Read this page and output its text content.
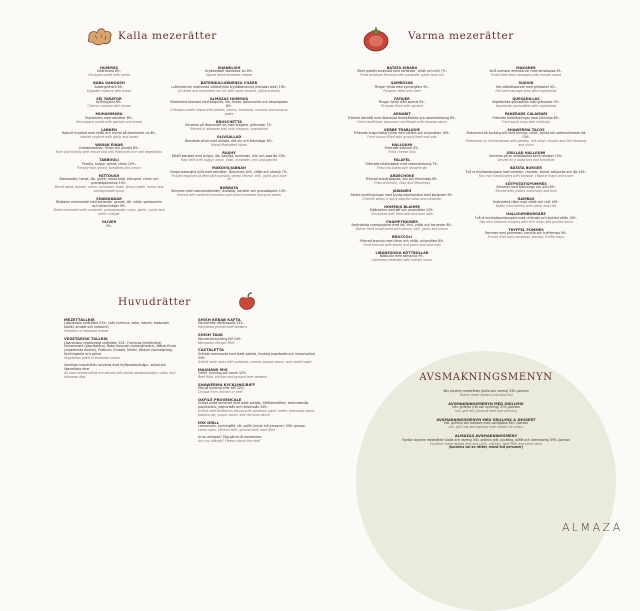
Kalla mezerätter	Varma mezerätter
Huvudrätter
HUMMUS
Kikärtsröra 89:-
Chickpea purée with bread
BABA GANOUSH
Aubergineröra 89:-
Eggplant mixture with bread
SEJ TARATOR
Kycklingröra 89:-
Chicken mixture with bread
MUHAMMARA
Paprikaröra med valnötter 89:-
Red pepper purée with walnuts and bread
LABNEH
Yoghurt krydded med vitlök och mynta på libanesiskt vis 89:-
Labneh yoghurt with garlic and bread
WARAK EINAB
Vinbladsdolmar, citron och olivolja 89:-
Rice and tomato with lemon and chili filled with rice and vegetables
TABBOULI
Persilja, bulgur, tomat, citron 109:-
Parsley with lemon, tomatoes and lemon
FATTOUSH
Blandsallad, tomat, lök, gurka, rostat bröd, örtingred. citron och granatäpplesirap 109:-
Mixed salad, tomato, onion, cucumber, toast, string radish, lemon and pomegranate syrup
SHAWANDAR
Rödbetor marinerade med koriander, granat, lök, vitlök, spiskummin och tahinivinäger 99:-
Beets marinated with coriander, pomegranate, onion, garlic, cumin and tahini vinegar
OLIVER
59:-
SHANKLISH
Kryddostsall libanesisk vis 89:-
Spiced dried lebanese cheese
BATERNIA/LUBNENSA CHARR
Luftvinad och marinerad vitlöksfyllda kryddblandning (haljukas stek) 139:-
Air dried and marinated rue roll with spice mixture, (Jaljuca steak)
ALMAZAS HUMMUS
Kikärtsröra blandad med sotgurka, lök, tomat, spiskummin och sesampasta 89:-
Chickpea purée mixed with pickles, onions, tomatoes, cummin and sesame paste
BRUSCHETTA
Serveras på libanesiskt vis med oregano, grönsaker 79:-
Served in lebanese way with oregano, vegetables
OLIVSALLAD
Blandade oliver med olivolja, rött vin och örtvinäger 89:-
Mixed Marinated olives
RASHY
Köttfil blandad med bulgur, lök, basilika, koriander, chili och paprika 139:-
Raw beef with bulgur, onion, basil, coriander, chili and paprika
MAKDOS/JABNAH
Inlagd aubergine fylld med valnötter, förbrukad, chili, vitlök och olivolja 79:-
Pickled eggplant stuffed with walnuts, sheep cheese, chili, garlic and olive oil
BURRATA
Serveras med rostcarkotomater, avokado, tomater och granatäpplen 139:-
Served with sardinet tomatoes and dried tomatoes and pom seeds
BATATA KIBARA
Stekt potatis smaksatt med koriander, vitlök och chili 79:-
Fried potatoes flavored with coriander, garlic and chili
SAMBOSAK
Pirogar fyllda med kycklingfärs 95:-
Pirogues filled with beef
FATAJER
Pirogar fyllda med spenat 95:-
Pirogues filled with spinach
ARNABIT
Friterad blomkål med libanesisk blomkålsörta och sesamdressing 89:-
Fried cauliflower seasoned cauliflower with sesame sauce
KEBBE TRABLOSIE
Friterade bulgurbollar fyllda med nötfärs och pinjenötter 109:-
Fried bulgur filled with ground beef and nuts
HALLOUMI
Friterade ostruller 95:-
Fried cheese rolls
FALAFEL
Friterade kikärtsbollar med sesamdressing 79:-
Fried chickpeas with sesame dip
ARDECHOKE
Friterad kronärtskocka, oliv och Manchego 89:-
Fried artichoke, olive and Manchego
JAWANEH
Stekta kycklingvingar med krydig paprikasalsa med koriander 99:-
Chicken wings in spicy paprika salsa and coriander
HOMMUS BLAHME
Kikärtsröra med biff och pinjenötter 109:-
Chickpeas with fried beef and pine nuts
CHAMPYNJONER
Smörstekta champinjoner med lök, chili, vitlök och koriander 89:-
Butter fried mushrooms with onions, chili, garlic and lemon
BROCCOLI
Friterad broccoli med citron och vitlök, pinjenötter 89:-
Fried broccoli with lemon and garlic and pine nuts
LIBANESISKA KÖTTBULLAR
Nötbullar med samanda 99:-
Lebanese meatballs with tomato sauce
MAKANEK
Små svenska lammkorvar med tomatsalsa 95:-
Small fried lamb sausages with tomato sauce
SUJUUK
Het nötköttskorvar med grönsaker 95:-
Hot beef sausage stew with vegetables
QUESADILLAS
Vegetariska quesadillas med grönsaker 95:-
Vegetarian quesadillas with vegetables
PANERADE CALAMARI
Friterade bläckfiskringar med chilimajo 85:-
Fried squid rings with chilimajo
SHAWERMA TACOS
Shawerma på kyckling biff med persilja, vitlök, tomat och saltmarinerade lök 139:-
Shawarma on chicken/steak with parsley, red onion, tomato and bite dressing and onion
GRILLAD HALLOUMI
Serveras på en salladsbädd samt tomater 159:-
Served on a salad bed and tomatoes
BATATA BURGER
Två st minihamburgare med cheddar, cheddar, tomat, saltgurka och lök 149:-
Two mini hamburgers with cheddar, chipotle mayo and onion
SÖTPOTATISPOMMES
Serveras med Manchego och aioli 89:-
Served with grated manchego and aioli
GAMBAS
Smörstekta räkor med vitlök och chili 149:-
Butter fried shrimp with garlic and chili
HALLOUMIBURGARE
Två st minihalloumiburgare med chilimajo och pickled vitlök 149:-
Two mini halloumi burgers with chili mayo and pickled onion
TRYFFEL POMMES
Pommes med parmesan, persilja och tryffelmajo 99:-
French fries with parmesan, parsley, truffle mayo
MEZETTALLRIK
Libanesiska smårätter 235:- (välj hummus, baba, labneh, tabbouleh, falafel, arnabit och halloumi)
Selection of lebanese mezes
VEGETARISK TALLRIK
Libanesiska vegetariska smårätter 229:- Hummus (kikärtsröra), Muhammara (paprikaröra), Baba Ganoush (aubergineröra), Warak Einab (vegetariska dolmar), Fattoush, Arnabit, Falafel, Fatayer (spenatpirog), Kycklingbolla och sallad
Vegetarian plate of lebanese mezes
Samtliga huvudrätter serveras med klyftpotatis/bulgur, sallad och libanesiska rörer
All main dishes below are served with potato wedges/bulgur, salad, and lebanese dips
SHISH KEBAB KAFTA
Marinerade nötfärsspett 245:-
Marinated ground beef skewers
SHISH TAUK
Marinerad kyckling filé 249:-
Marinated chicken fillet
CASTALETTA
Grillade lammracks med stekt potatis, kryddig paprikasås och mixad sallad 349:-
Grilled lamb racks with potatoes, creamy pepper sauce, and mixed salad
MASHAWI MIX
Oxfilé, kyckling och lamm 329:-
Beef fillet, chicken and ground beef skewers
SHAWERMA KYCKLING/BIFF
Välj på kyckling eller biff 229:-
Choose from chicken or beef
OXFILÉ PROVENCALE
Grillad oxfilé serverad med stekt potatis, vitlöksmorötter, bearnaisesås, paprikaröra, yoghurtsås och rödvinssås 349:-
Grilled beef tenderloin served with potatoes, garlic butter, béarnaise sauce, paprika dip, yogurt sauce, and red wine sauce
MIX GRILL
Lammracks, kycklingfilé, rät, oxfilé (minst två personer) 399:-/person
Lamb racks, chicken fillet, ground beef, beef fillet
Är du allergisk? Säg gärna till personalen
Are you allergic? Please inform the staff
AVSMAKNINGSMENYN
Tolv stycken mezerätter (kalla och varma) 335:-/person
Twelve meze dishes (cold and hot)
AVSMAKNINGSMENYN MED GRILLMIX
inkl. grillmix (rät och kyckling) 375:-/person
incl. grill mix (ground beef and chicken)
AVSMAKNINGSMENYN MED GRILLMIX & DESSERT
inkl. grillmix och baklava med vaniljglass 450:-/person
incl. grill mix and baklava with vanilla ice cream
ALMAZAS AVSMAKNINGSMENY
Fjorton stycken mezerätter (kalla och varma) inkl. grillmix (rät, kyckling, oxfilé och lammracks) 595:-/person
Fourteen meze dishes (hot and cold), chicken, beef fillet and lamb racks
(kockens val av rätter, minst två personer)
ALMAZA
